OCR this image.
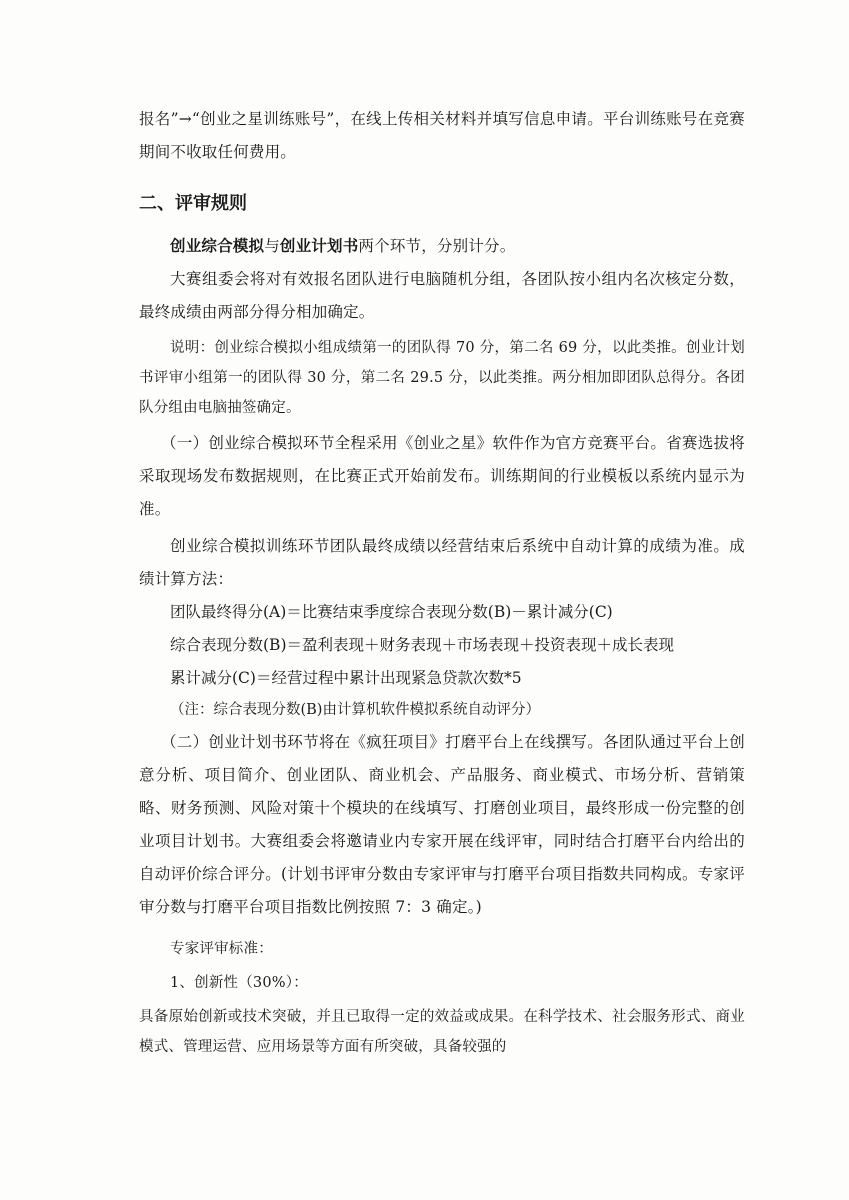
报名”→“创业之星训练账号”，在线上传相关材料并填写信息申请。平台训练账号在竞赛期间不收取任何费用。

二、评审规则

创业综合模拟与创业计划书两个环节，分别计分。

大赛组委会将对有效报名团队进行电脑随机分组，各团队按小组内名次核定分数，最终成绩由两部分得分相加确定。

说明：创业综合模拟小组成绩第一的团队得 70 分，第二名 69 分，以此类推。创业计划书评审小组第一的团队得 30 分，第二名 29.5 分，以此类推。两分相加即团队总得分。各团队分组由电脑抽签确定。

（一）创业综合模拟环节全程采用《创业之星》软件作为官方竞赛平台。省赛选拔将采取现场发布数据规则，在比赛正式开始前发布。训练期间的行业模板以系统内显示为准。

创业综合模拟训练环节团队最终成绩以经营结束后系统中自动计算的成绩为准。成绩计算方法：

团队最终得分(A)＝比赛结束季度综合表现分数(B)－累计减分(C)

综合表现分数(B)＝盈利表现＋财务表现＋市场表现＋投资表现＋成长表现

累计减分(C)＝经营过程中累计出现紧急贷款次数*5

（注：综合表现分数(B)由计算机软件模拟系统自动评分）

（二）创业计划书环节将在《疯狂项目》打磨平台上在线撰写。各团队通过平台上创意分析、项目简介、创业团队、商业机会、产品服务、商业模式、市场分析、营销策略、财务预测、风险对策十个模块的在线填写、打磨创业项目，最终形成一份完整的创业项目计划书。大赛组委会将邀请业内专家开展在线评审，同时结合打磨平台内给出的自动评价综合评分。(计划书评审分数由专家评审与打磨平台项目指数共同构成。专家评审分数与打磨平台项目指数比例按照 7：3 确定。)

专家评审标准：

1、创新性（30%）：

具备原始创新或技术突破，并且已取得一定的效益或成果。在科学技术、社会服务形式、商业模式、管理运营、应用场景等方面有所突破，具备较强的
